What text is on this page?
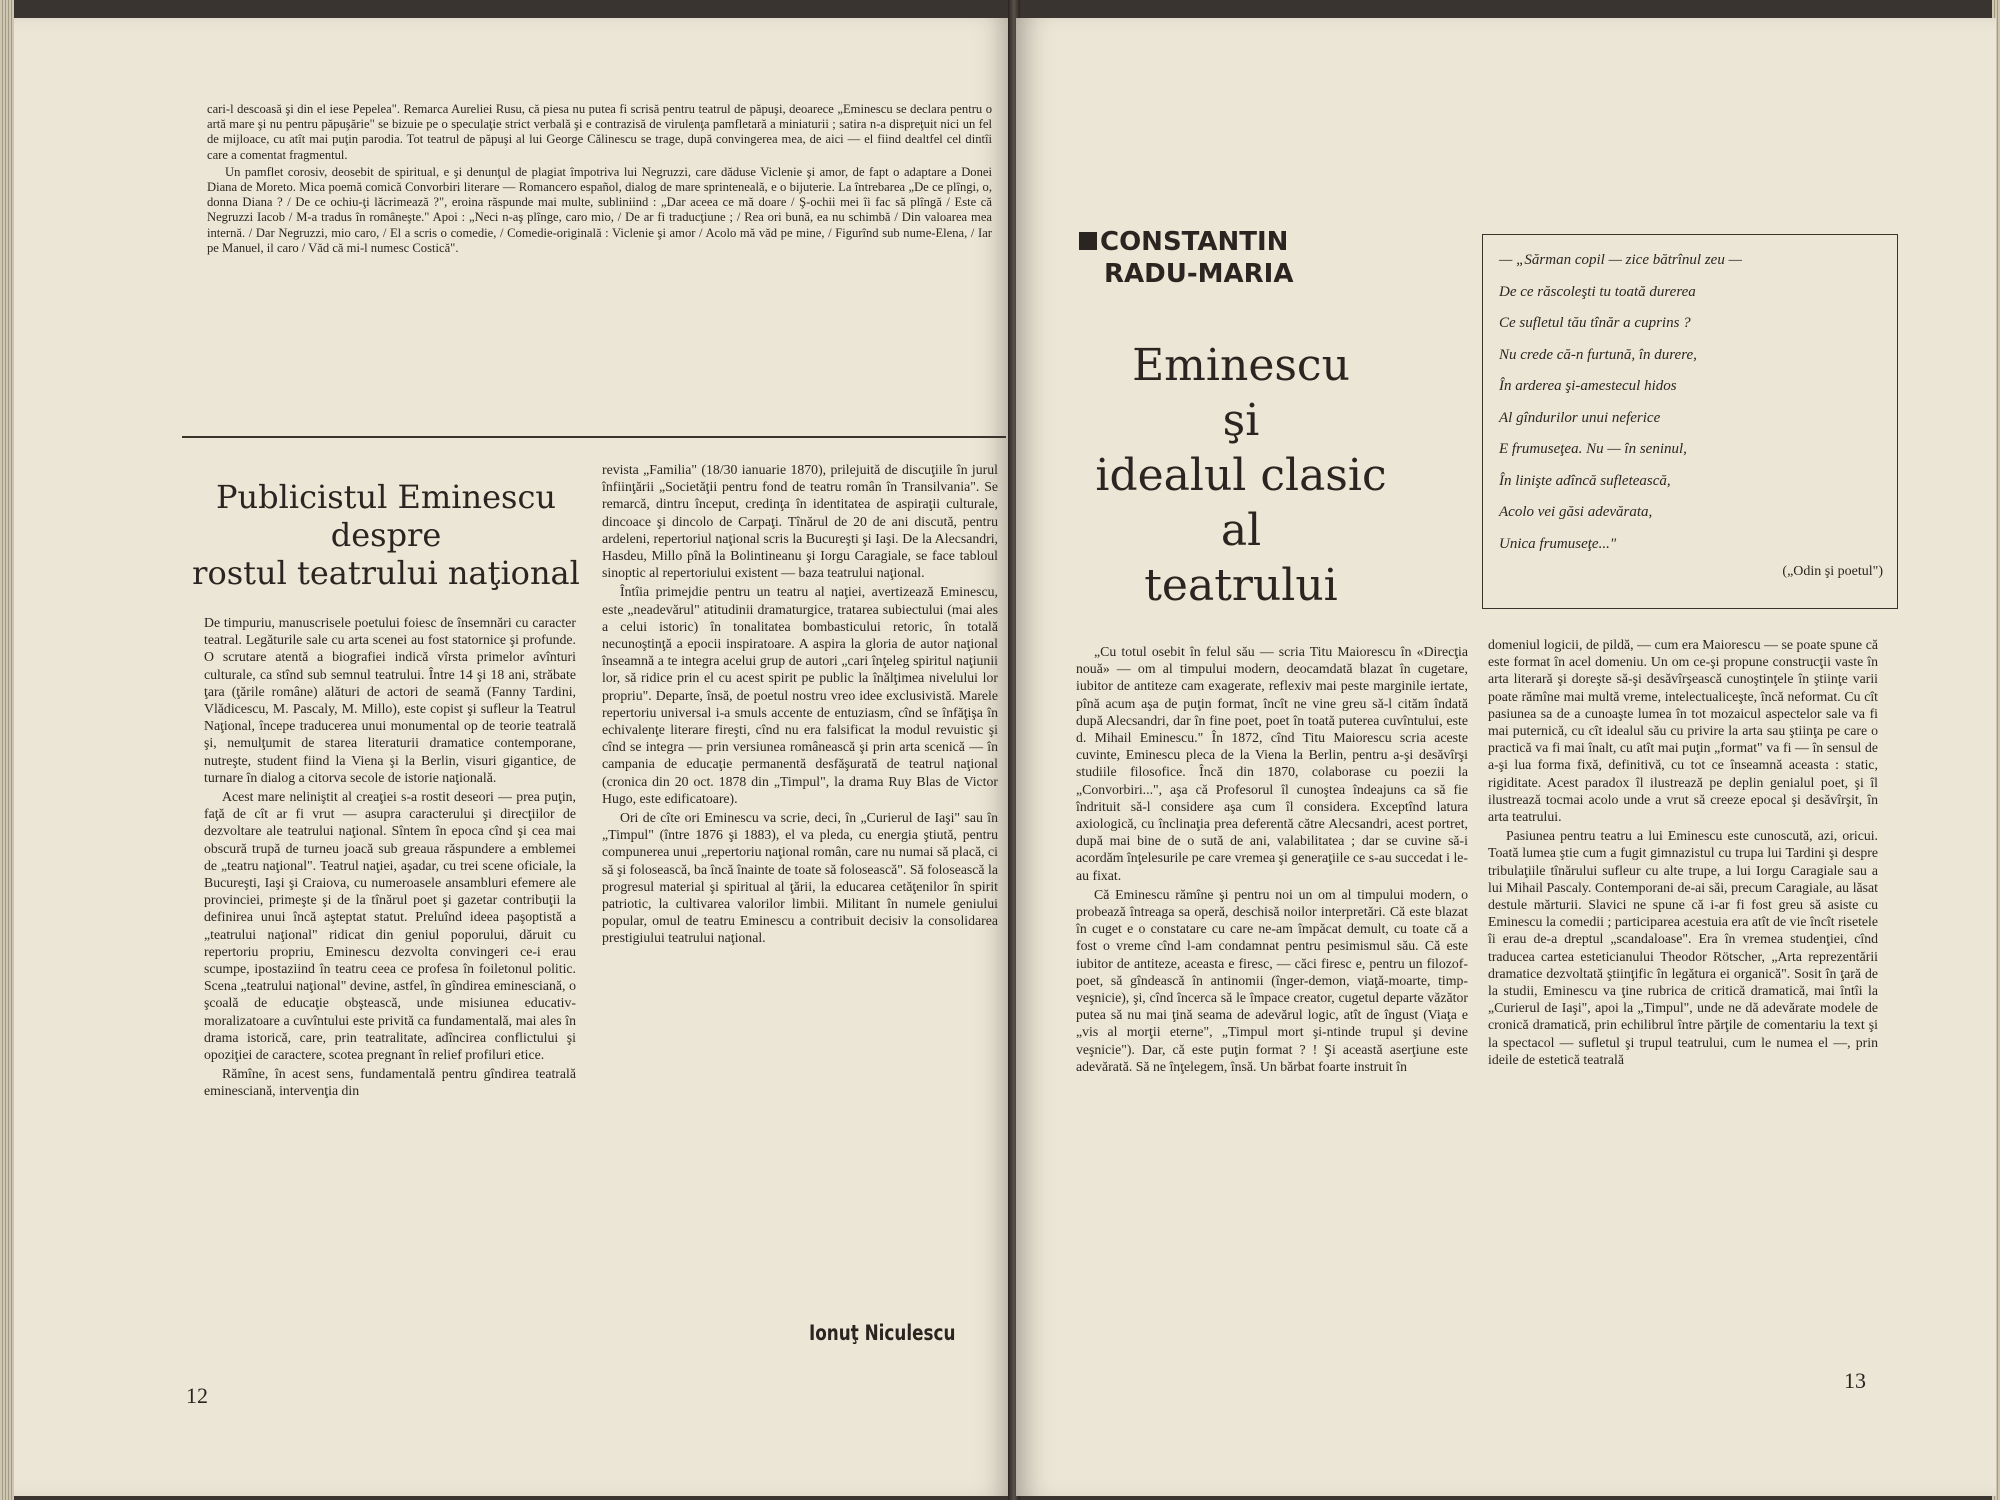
cari-l descoasă şi din el iese Pepelea". Remarca Aureliei Rusu, că piesa nu putea fi scrisă pentru teatrul de păpuşi, deoarece „Eminescu se declara pentru o artă mare şi nu pentru păpuşărie" se bizuie pe o speculaţie strict verbală şi e contrazisă de virulenţa pamfletară a miniaturii ; satira n-a dispreţuit nici un fel de mijloace, cu atît mai puţin parodia. Tot teatrul de păpuşi al lui George Călinescu se trage, după convingerea mea, de aici — el fiind dealtfel cel dintîi care a comentat fragmentul.

Un pamflet corosiv, deosebit de spiritual, e şi denunţul de plagiat împotriva lui Negruzzi, care dăduse Viclenie şi amor, de fapt o adaptare a Donei Diana de Moreto. Mica poemă comică Convorbiri literare — Romancero español, dialog de mare sprinteneală, e o bijuterie. La întrebarea „De ce plîngi, o, donna Diana ? / De ce ochiu-ţi lăcrimează ?", eroina răspunde mai multe, subliniind : „Dar aceea ce mă doare / Ş-ochii mei îi fac să plîngă / Este că Negruzzi Iacob / M-a tradus în româneşte." Apoi : „Neci n-aş plînge, caro mio, / De ar fi traducţiune ; / Rea ori bună, ea nu schimbă / Din valoarea mea internă. / Dar Negruzzi, mio caro, / El a scris o comedie, / Comedie-originală : Viclenie şi amor / Acolo mă văd pe mine, / Figurînd sub nume-Elena, / Iar pe Manuel, il caro / Văd că mi-l numesc Costică".

Publicistul Eminescu
despre
rostul teatrului naţional

De timpuriu, manuscrisele poetului foiesc de însemnări cu caracter teatral. Legăturile sale cu arta scenei au fost statornice şi profunde. O scrutare atentă a biografiei indică vîrsta primelor avînturi culturale, ca stînd sub semnul teatrului. Între 14 şi 18 ani, străbate ţara (ţările române) alături de actori de seamă (Fanny Tardini, Vlădicescu, M. Pascaly, M. Millo), este copist şi sufleur la Teatrul Naţional, începe traducerea unui monumental op de teorie teatrală şi, nemulţumit de starea literaturii dramatice contemporane, nutreşte, student fiind la Viena şi la Berlin, visuri gigantice, de turnare în dialog a citorva secole de istorie naţională.

Acest mare neliniştit al creaţiei s-a rostit deseori — prea puţin, faţă de cît ar fi vrut — asupra caracterului şi direcţiilor de dezvoltare ale teatrului naţional. Sîntem în epoca cînd şi cea mai obscură trupă de turneu joacă sub greaua răspundere a emblemei de „teatru naţional". Teatrul naţiei, aşadar, cu trei scene oficiale, la Bucureşti, Iaşi şi Craiova, cu numeroasele ansambluri efemere ale provinciei, primeşte şi de la tînărul poet şi gazetar contribuţii la definirea unui încă aşteptat statut. Preluînd ideea paşoptistă a „teatrului naţional" ridicat din geniul poporului, dăruit cu repertoriu propriu, Eminescu dezvolta convingeri ce-i erau scumpe, ipostaziind în teatru ceea ce profesa în foiletonul politic. Scena „teatrului naţional" devine, astfel, în gîndirea eminesciană, o şcoală de educaţie obştească, unde misiunea educativ-moralizatoare a cuvîntului este privită ca fundamentală, mai ales în drama istorică, care, prin teatralitate, adîncirea conflictului şi opoziţiei de caractere, scotea pregnant în relief profiluri etice.

Rămîne, în acest sens, fundamentală pentru gîndirea teatrală eminesciană, intervenţia din

revista „Familia" (18/30 ianuarie 1870), prilejuită de discuţiile în jurul înfiinţării „Societăţii pentru fond de teatru român în Transilvania". Se remarcă, dintru început, credinţa în identitatea de aspiraţii culturale, dincoace şi dincolo de Carpaţi. Tînărul de 20 de ani discută, pentru ardeleni, repertoriul naţional scris la Bucureşti şi Iaşi. De la Alecsandri, Hasdeu, Millo pînă la Bolintineanu şi Iorgu Caragiale, se face tabloul sinoptic al repertoriului existent — baza teatrului naţional.

Întîia primejdie pentru un teatru al naţiei, avertizează Eminescu, este „neadevărul" atitudinii dramaturgice, tratarea subiectului (mai ales a celui istoric) în tonalitatea bombasticului retoric, în totală necunoştinţă a epocii inspiratoare. A aspira la gloria de autor naţional înseamnă a te integra acelui grup de autori „cari înţeleg spiritul naţiunii lor, să ridice prin el cu acest spirit pe public la înălţimea nivelului lor propriu". Departe, însă, de poetul nostru vreo idee exclusivistă. Marele repertoriu universal i-a smuls accente de entuziasm, cînd se înfăţişa în echivalenţe literare fireşti, cînd nu era falsificat la modul revuistic şi cînd se integra — prin versiunea românească şi prin arta scenică — în campania de educaţie permanentă desfăşurată de teatrul naţional (cronica din 20 oct. 1878 din „Timpul", la drama Ruy Blas de Victor Hugo, este edificatoare).

Ori de cîte ori Eminescu va scrie, deci, în „Curierul de Iaşi" sau în „Timpul" (între 1876 şi 1883), el va pleda, cu energia ştiută, pentru compunerea unui „repertoriu naţional român, care nu numai să placă, ci să şi folosească, ba încă înainte de toate să folosească". Să folosească la progresul material şi spiritual al ţării, la educarea cetăţenilor în spirit patriotic, la cultivarea valorilor limbii. Militant în numele geniului popular, omul de teatru Eminescu a contribuit decisiv la consolidarea prestigiului teatrului naţional.

Ionuţ Niculescu
12
CONSTANTIN
RADU-MARIA
Eminescu
şi
idealul clasic
al
teatrului
— „Sărman copil — zice bătrînul zeu —
De ce răscoleşti tu toată durerea
Ce sufletul tău tînăr a cuprins ?
Nu crede că-n furtună, în durere,
În arderea şi-amestecul hidos
Al gîndurilor unui neferice
E frumuseţea. Nu — în seninul,
În linişte adîncă sufletească,
Acolo vei găsi adevărata,
Unica frumuseţe..."
(„Odin şi poetul")

„Cu totul osebit în felul său — scria Titu Maiorescu în «Direcţia nouă» — om al timpului modern, deocamdată blazat în cugetare, iubitor de antiteze cam exagerate, reflexiv mai peste marginile iertate, pînă acum aşa de puţin format, încît ne vine greu să-l cităm îndată după Alecsandri, dar în fine poet, poet în toată puterea cuvîntului, este d. Mihail Eminescu." În 1872, cînd Titu Maiorescu scria aceste cuvinte, Eminescu pleca de la Viena la Berlin, pentru a-şi desăvîrşi studiile filosofice. Încă din 1870, colaborase cu poezii la „Convorbiri...", aşa că Profesorul îl cunoştea îndeajuns ca să fie îndrituit să-l considere aşa cum îl considera. Exceptînd latura axiologică, cu înclinaţia prea deferentă către Alecsandri, acest portret, după mai bine de o sută de ani, valabilitatea ; dar se cuvine să-i acordăm înţelesurile pe care vremea şi generaţiile ce s-au succedat i le-au fixat.

Că Eminescu rămîne şi pentru noi un om al timpului modern, o probează întreaga sa operă, deschisă noilor interpretări. Că este blazat în cuget e o constatare cu care ne-am împăcat demult, cu toate că a fost o vreme cînd l-am condamnat pentru pesimismul său. Că este iubitor de antiteze, aceasta e firesc, — căci firesc e, pentru un filozof-poet, să gîndească în antinomii (înger-demon, viaţă-moarte, timp-veşnicie), şi, cînd încerca să le împace creator, cugetul departe văzător putea să nu mai ţină seama de adevărul logic, atît de îngust (Viaţa e „vis al morţii eterne", „Timpul mort şi-ntinde trupul şi devine veşnicie"). Dar, că este puţin format ? ! Şi această aserţiune este adevărată. Să ne înţelegem, însă. Un bărbat foarte instruit în

domeniul logicii, de pildă, — cum era Maiorescu — se poate spune că este format în acel domeniu. Un om ce-şi propune construcţii vaste în arta literară şi doreşte să-şi desăvîrşească cunoştinţele în ştiinţe varii poate rămîne mai multă vreme, intelectualiceşte, încă neformat. Cu cît pasiunea sa de a cunoaşte lumea în tot mozaicul aspectelor sale va fi mai puternică, cu cît idealul său cu privire la arta sau ştiinţa pe care o practică va fi mai înalt, cu atît mai puţin „format" va fi — în sensul de a-şi lua forma fixă, definitivă, cu tot ce înseamnă aceasta : static, rigiditate. Acest paradox îl ilustrează pe deplin genialul poet, şi îl ilustrează tocmai acolo unde a vrut să creeze epocal şi desăvîrşit, în arta teatrului.

Pasiunea pentru teatru a lui Eminescu este cunoscută, azi, oricui. Toată lumea ştie cum a fugit gimnazistul cu trupa lui Tardini şi despre tribulaţiile tînărului sufleur cu alte trupe, a lui Iorgu Caragiale sau a lui Mihail Pascaly. Contemporani de-ai săi, precum Caragiale, au lăsat destule mărturii. Slavici ne spune că i-ar fi fost greu să asiste cu Eminescu la comedii ; participarea acestuia era atît de vie încît risetele îi erau de-a dreptul „scandaloase". Era în vremea studenţiei, cînd traducea cartea esteticianului Theodor Rötscher, „Arta reprezentării dramatice dezvoltată ştiinţific în legătura ei organică". Sosit în ţară de la studii, Eminescu va ţine rubrica de critică dramatică, mai întîi la „Curierul de Iaşi", apoi la „Timpul", unde ne dă adevărate modele de cronică dramatică, prin echilibrul între părţile de comentariu la text şi la spectacol — sufletul şi trupul teatrului, cum le numea el —, prin ideile de estetică teatrală

13
